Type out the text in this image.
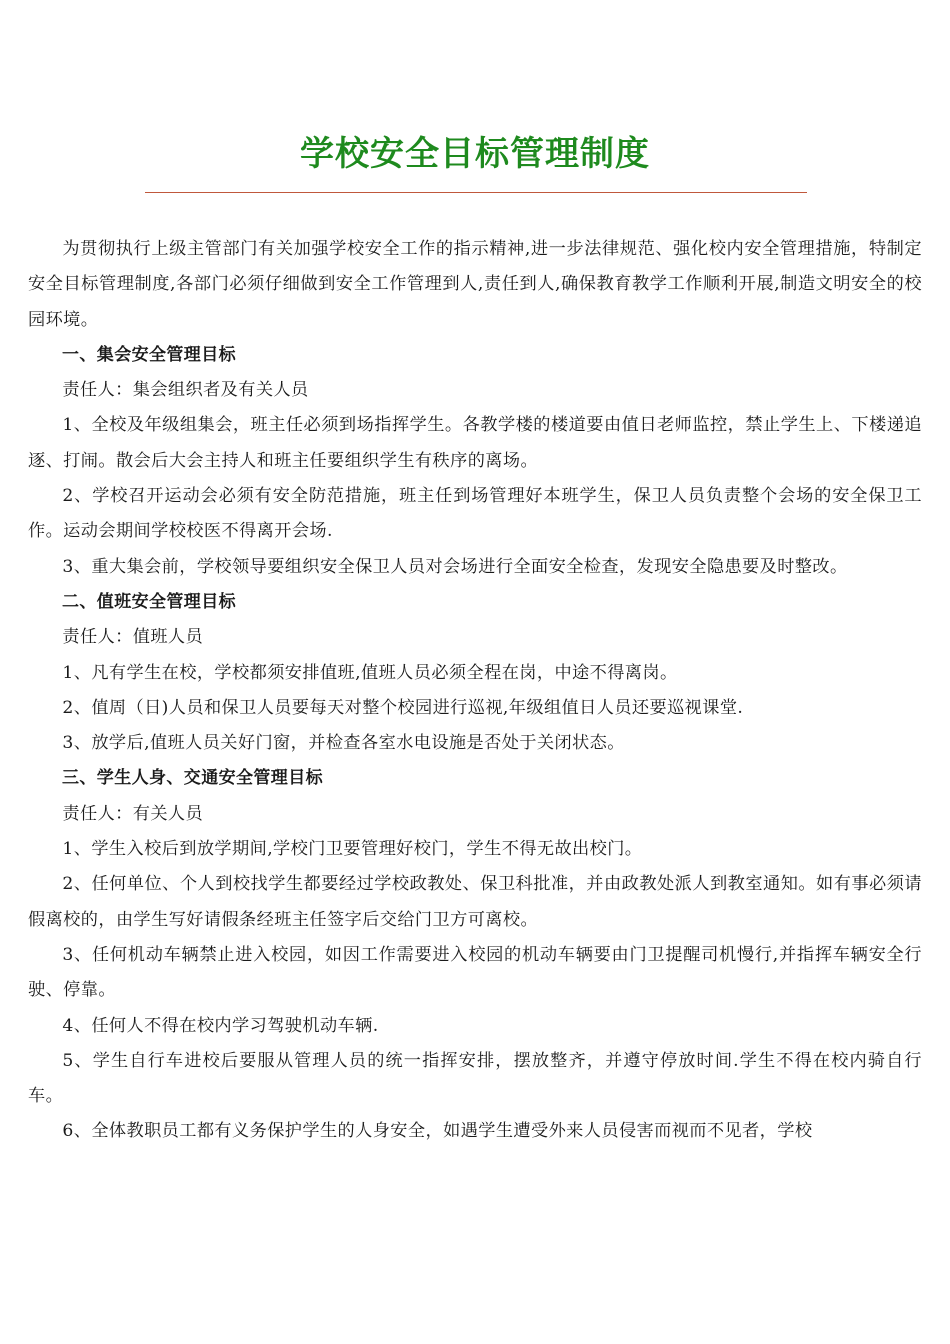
学校安全目标管理制度

为贯彻执行上级主管部门有关加强学校安全工作的指示精神,进一步法律规范、强化校内安全管理措施，特制定安全目标管理制度,各部门必须仔细做到安全工作管理到人,责任到人,确保教育教学工作顺利开展,制造文明安全的校园环境。

一、集会安全管理目标

责任人：集会组织者及有关人员

1、全校及年级组集会，班主任必须到场指挥学生。各教学楼的楼道要由值日老师监控，禁止学生上、下楼递追逐、打闹。散会后大会主持人和班主任要组织学生有秩序的离场。

2、学校召开运动会必须有安全防范措施，班主任到场管理好本班学生，保卫人员负责整个会场的安全保卫工作。运动会期间学校校医不得离开会场.

3、重大集会前，学校领导要组织安全保卫人员对会场进行全面安全检查，发现安全隐患要及时整改。

二、值班安全管理目标

责任人：值班人员

1、凡有学生在校，学校都须安排值班,值班人员必须全程在岗，中途不得离岗。

2、值周（日)人员和保卫人员要每天对整个校园进行巡视,年级组值日人员还要巡视课堂.

3、放学后,值班人员关好门窗，并检查各室水电设施是否处于关闭状态。

三、学生人身、交通安全管理目标

责任人：有关人员

1、学生入校后到放学期间,学校门卫要管理好校门，学生不得无故出校门。

2、任何单位、个人到校找学生都要经过学校政教处、保卫科批准，并由政教处派人到教室通知。如有事必须请假离校的，由学生写好请假条经班主任签字后交给门卫方可离校。

3、任何机动车辆禁止进入校园，如因工作需要进入校园的机动车辆要由门卫提醒司机慢行,并指挥车辆安全行驶、停靠。

4、任何人不得在校内学习驾驶机动车辆.

5、学生自行车进校后要服从管理人员的统一指挥安排，摆放整齐，并遵守停放时间.学生不得在校内骑自行车。

6、全体教职员工都有义务保护学生的人身安全，如遇学生遭受外来人员侵害而视而不见者，学校
